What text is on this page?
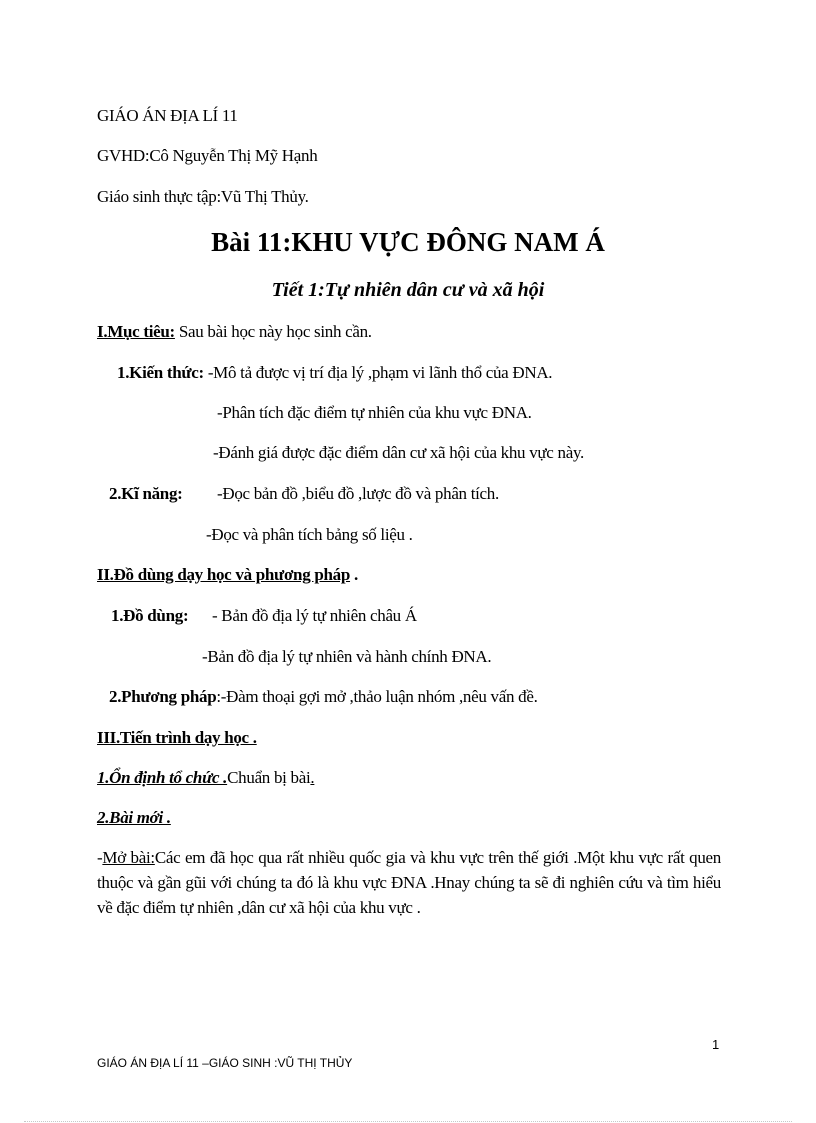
GIÁO ÁN ĐỊA LÍ 11
GVHD:Cô Nguyễn Thị Mỹ Hạnh
Giáo sinh thực tập:Vũ Thị Thủy.
Bài 11:KHU VỰC ĐÔNG NAM Á
Tiết 1:Tự nhiên dân cư và xã hội
I.Mục tiêu: Sau bài học này học sinh cần.
1.Kiến thức: -Mô tả được vị trí địa lý ,phạm vi lãnh thổ của ĐNA.
-Phân tích đặc điểm tự nhiên của khu vực ĐNA.
-Đánh giá được đặc điểm dân cư xã hội của khu vực này.
2.Kĩ năng: -Đọc bản đồ ,biểu đồ ,lược đồ và phân tích.
-Đọc và phân tích bảng số liệu .
II.Đồ dùng dạy học và phương pháp .
1.Đồ dùng: - Bản đồ địa lý tự nhiên châu Á
-Bản đồ địa lý tự nhiên và hành chính ĐNA.
2.Phương pháp:-Đàm thoại gợi mở ,thảo luận nhóm ,nêu vấn đề.
III.Tiến trình dạy học .
1.Ổn định tổ chức .Chuẩn bị bài.
2.Bài mới .
-Mở bài:Các em đã học qua rất nhiều quốc gia và khu vực trên thế giới .Một khu vực rất quen thuộc và gần gũi với chúng ta đó là khu vực ĐNA .Hnay chúng ta sẽ đi nghiên cứu và tìm hiểu về đặc điểm tự nhiên ,dân cư xã hội của khu vực .
1
GIÁO ÁN ĐỊA LÍ 11 –GIÁO SINH :VŨ THỊ THỦY
